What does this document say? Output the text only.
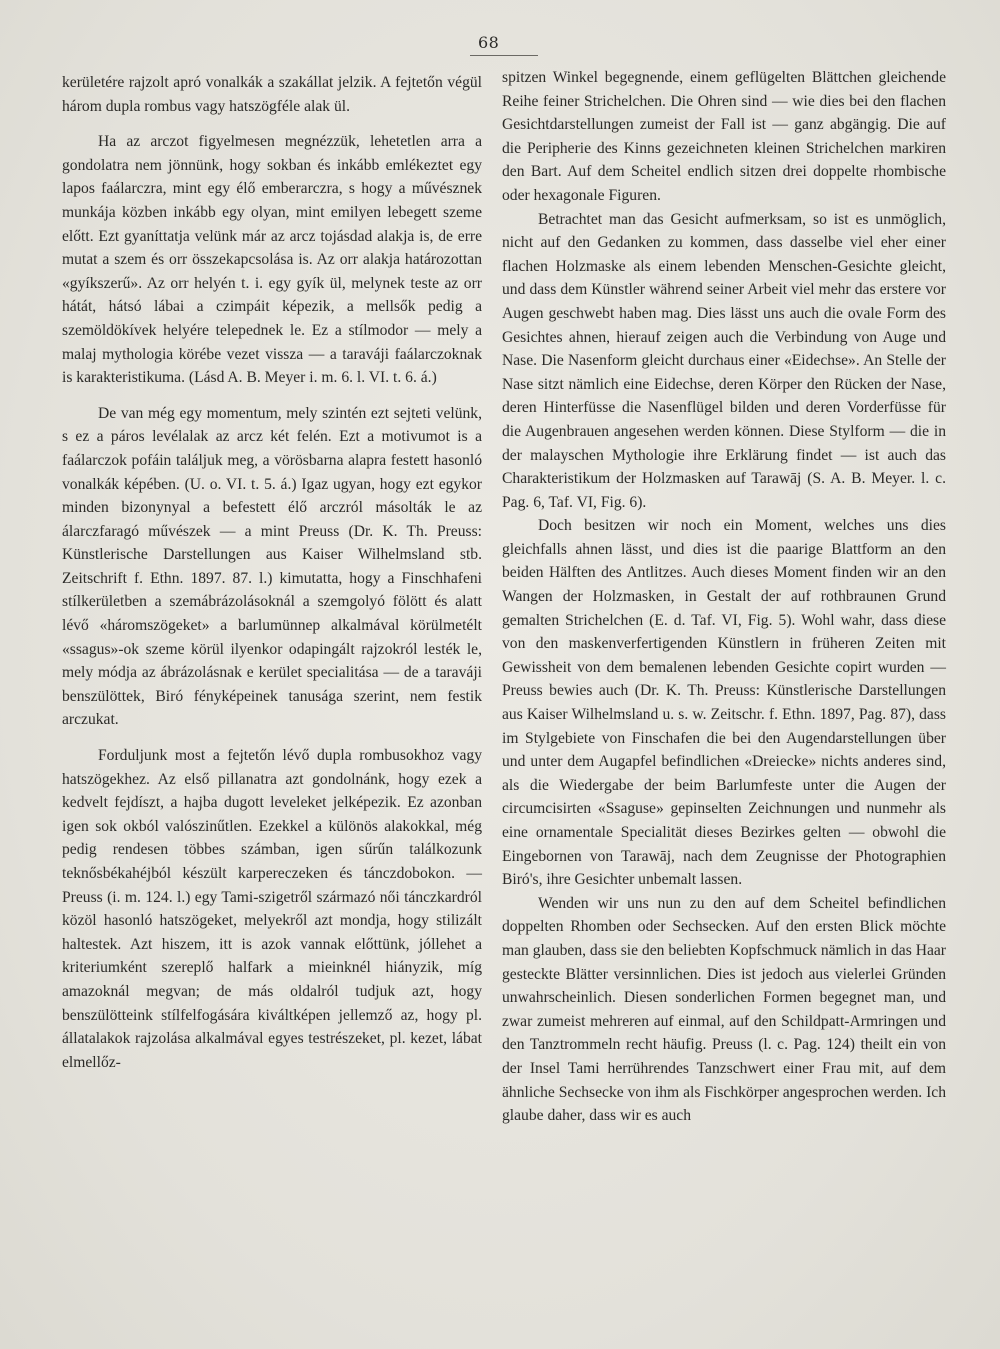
68

kerületére rajzolt apró vonalkák a szakállat jelzik. A fejtetőn végül három dupla rombus vagy hatszögféle alak ül.

Ha az arczot figyelmesen megnézzük, lehetetlen arra a gondolatra nem jönnünk, hogy sokban és inkább emlékeztet egy lapos faálarczra, mint egy élő emberarczra, s hogy a művésznek munkája közben inkább egy olyan, mint emilyen lebegett szeme előtt. Ezt gyaníttatja velünk már az arcz tojásdad alakja is, de erre mutat a szem és orr összekapcsolása is. Az orr alakja határozottan «gyíkszerű». Az orr helyén t. i. egy gyík ül, melynek teste az orr hátát, hátsó lábai a czimpáit képezik, a mellsők pedig a szemöldökívek helyére telepednek le. Ez a stílmodor — mely a malaj mythologia körébe vezet vissza — a taraváji faálarczoknak is karakteristikuma. (Lásd A. B. Meyer i. m. 6. l. VI. t. 6. á.)

De van még egy momentum, mely szintén ezt sejteti velünk, s ez a páros levélalak az arcz két felén. Ezt a motivumot is a faálarczok pofáin találjuk meg, a vörösbarna alapra festett hasonló vonalkák képében. (U. o. VI. t. 5. á.) Igaz ugyan, hogy ezt egykor minden bizonynyal a befestett élő arczról másolták le az álarczfaragó művészek — a mint Preuss (Dr. K. Th. Preuss: Künstlerische Darstellungen aus Kaiser Wilhelmsland stb. Zeitschrift f. Ethn. 1897. 87. l.) kimutatta, hogy a Finschhafeni stílkerületben a szemábrázolásoknál a szemgolyó fölött és alatt lévő «háromszögeket» a barlumünnep alkalmával körülmetélt «ssagus»-ok szeme körül ilyenkor odapingált rajzokról lesték le, mely módja az ábrázolásnak e kerület specialitása — de a taraváji benszülöttek, Biró fényképeinek tanusága szerint, nem festik arczukat.

Forduljunk most a fejtetőn lévő dupla rombusokhoz vagy hatszögekhez. Az első pillanatra azt gondolnánk, hogy ezek a kedvelt fejdíszt, a hajba dugott leveleket jelképezik. Ez azonban igen sok okból valószinűtlen. Ezekkel a különös alakokkal, még pedig rendesen többes számban, igen sűrűn találkozunk teknősbékahéjból készült karpereczeken és tánczdobokon. — Preuss (i. m. 124. l.) egy Tami-szigetről származó női tánczkardról közöl hasonló hatszögeket, melyekről azt mondja, hogy stilizált haltestek. Azt hiszem, itt is azok vannak előttünk, jóllehet a kriteriumként szereplő halfark a mieinknél hiányzik, míg amazoknál megvan; de más oldalról tudjuk azt, hogy benszülötteink stílfelfogására kiváltképen jellemző az, hogy pl. állatalakok rajzolása alkalmával egyes testrészeket, pl. kezet, lábat elmellőz-

spitzen Winkel begegnende, einem geflügelten Blättchen gleichende Reihe feiner Strichelchen. Die Ohren sind — wie dies bei den flachen Gesichtdarstellungen zumeist der Fall ist — ganz abgängig. Die auf die Peripherie des Kinns gezeichneten kleinen Strichelchen markiren den Bart. Auf dem Scheitel endlich sitzen drei doppelte rhombische oder hexagonale Figuren.

Betrachtet man das Gesicht aufmerksam, so ist es unmöglich, nicht auf den Gedanken zu kommen, dass dasselbe viel eher einer flachen Holzmaske als einem lebenden Menschen-Gesichte gleicht, und dass dem Künstler während seiner Arbeit viel mehr das erstere vor Augen geschwebt haben mag. Dies lässt uns auch die ovale Form des Gesichtes ahnen, hierauf zeigen auch die Verbindung von Auge und Nase. Die Nasenform gleicht durchaus einer «Eidechse». An Stelle der Nase sitzt nämlich eine Eidechse, deren Körper den Rücken der Nase, deren Hinterfüsse die Nasenflügel bilden und deren Vorderfüsse für die Augenbrauen angesehen werden können. Diese Stylform — die in der malayschen Mythologie ihre Erklärung findet — ist auch das Charakteristikum der Holzmasken auf Tarawāj (S. A. B. Meyer. l. c. Pag. 6, Taf. VI, Fig. 6).

Doch besitzen wir noch ein Moment, welches uns dies gleichfalls ahnen lässt, und dies ist die paarige Blattform an den beiden Hälften des Antlitzes. Auch dieses Moment finden wir an den Wangen der Holzmasken, in Gestalt der auf rothbraunen Grund gemalten Strichelchen (E. d. Taf. VI, Fig. 5). Wohl wahr, dass diese von den maskenverfertigenden Künstlern in früheren Zeiten mit Gewissheit von dem bemalenen lebenden Gesichte copirt wurden — Preuss bewies auch (Dr. K. Th. Preuss: Künstlerische Darstellungen aus Kaiser Wilhelmsland u. s. w. Zeitschr. f. Ethn. 1897, Pag. 87), dass im Stylgebiete von Finschafen die bei den Augendarstellungen über und unter dem Augapfel befindlichen «Dreiecke» nichts anderes sind, als die Wiedergabe der beim Barlumfeste unter die Augen der circumcisirten «Ssaguse» gepinselten Zeichnungen und nunmehr als eine ornamentale Specialität dieses Bezirkes gelten — obwohl die Eingebornen von Tarawāj, nach dem Zeugnisse der Photographien Biró's, ihre Gesichter unbemalt lassen.

Wenden wir uns nun zu den auf dem Scheitel befindlichen doppelten Rhomben oder Sechsecken. Auf den ersten Blick möchte man glauben, dass sie den beliebten Kopfschmuck nämlich in das Haar gesteckte Blätter versinnlichen. Dies ist jedoch aus vielerlei Gründen unwahrscheinlich. Diesen sonderlichen Formen begegnet man, und zwar zumeist mehreren auf einmal, auf den Schildpatt-Armringen und den Tanztrommeln recht häufig. Preuss (l. c. Pag. 124) theilt ein von der Insel Tami herrührendes Tanzschwert einer Frau mit, auf dem ähnliche Sechsecke von ihm als Fischkörper angesprochen werden. Ich glaube daher, dass wir es auch
